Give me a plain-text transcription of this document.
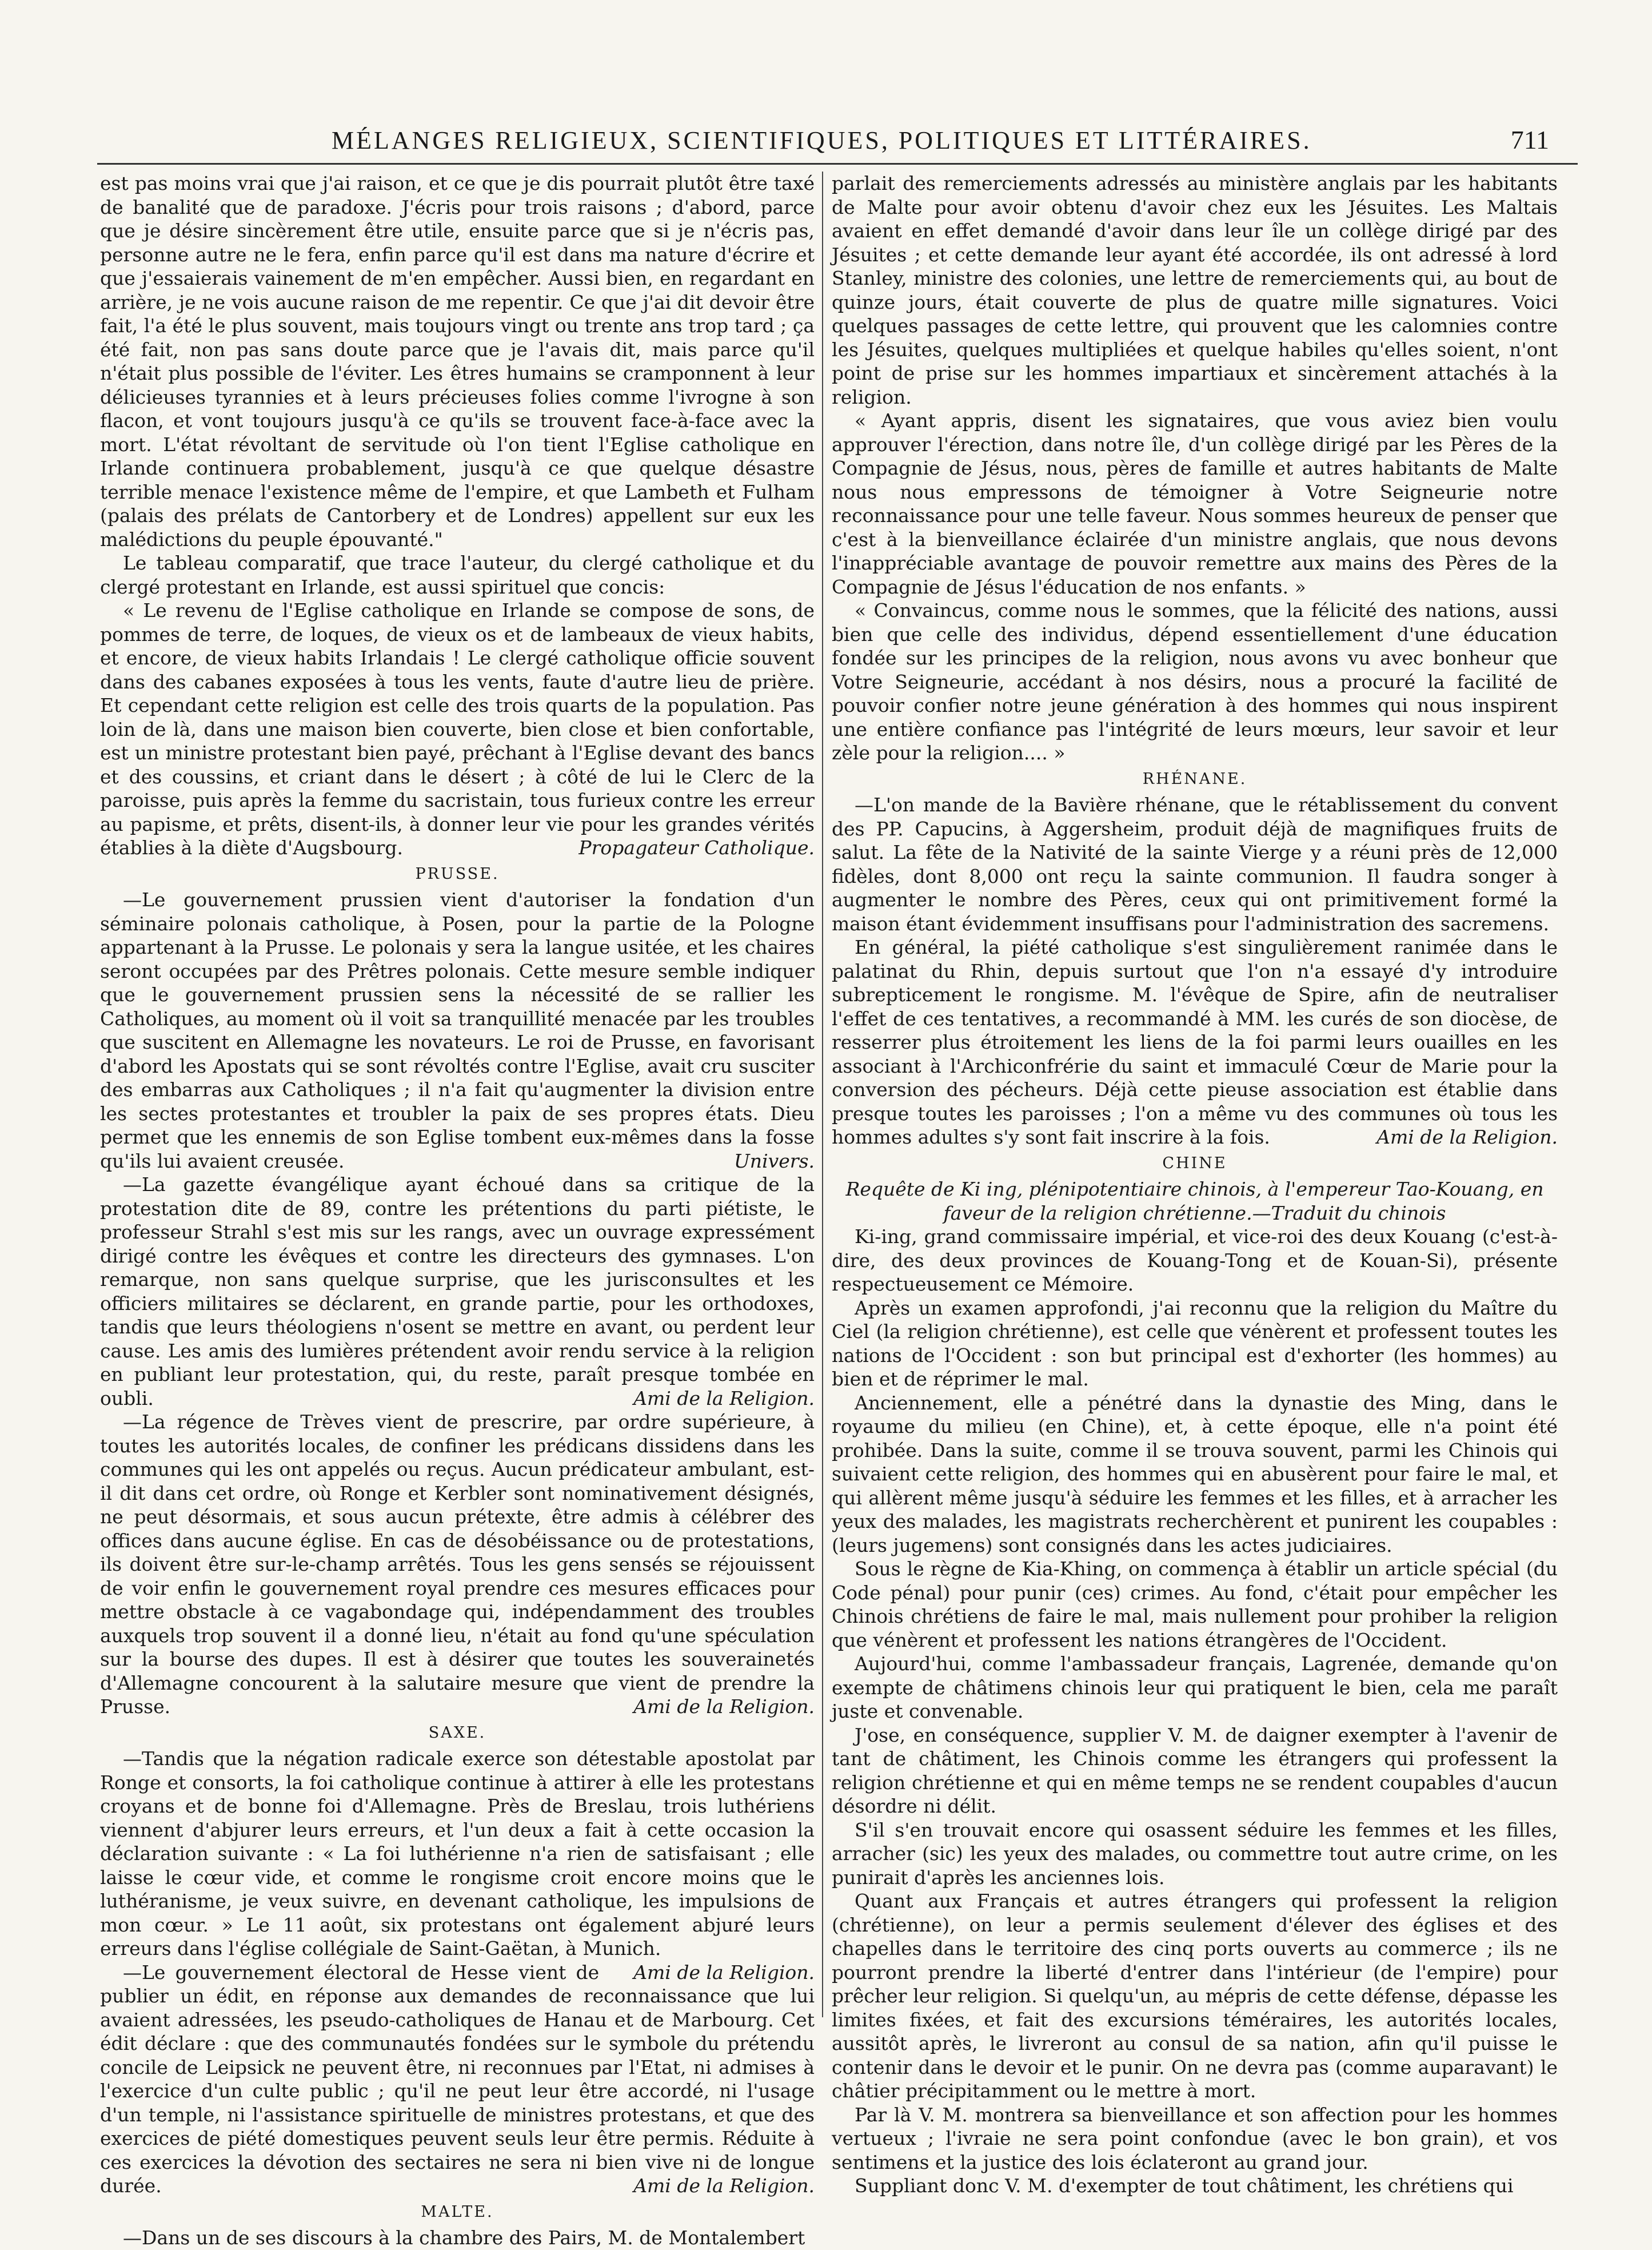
MÉLANGES RELIGIEUX, SCIENTIFIQUES, POLITIQUES ET LITTÉRAIRES.	711

est pas moins vrai que j'ai raison, et ce que je dis pourrait plutôt être taxé de banalité que de paradoxe. J'écris pour trois raisons ; d'abord, parce que je désire sincèrement être utile, ensuite parce que si je n'écris pas, personne autre ne le fera, enfin parce qu'il est dans ma nature d'écrire et que j'essaierais vainement de m'en empêcher. Aussi bien, en regardant en arrière, je ne vois aucune raison de me repentir. Ce que j'ai dit devoir être fait, l'a été le plus souvent, mais toujours vingt ou trente ans trop tard ; ça été fait, non pas sans doute parce que je l'avais dit, mais parce qu'il n'était plus possible de l'éviter. Les êtres humains se cramponnent à leur délicieuses tyrannies et à leurs précieuses folies comme l'ivrogne à son flacon, et vont toujours jusqu'à ce qu'ils se trouvent face-à-face avec la mort. L'état révoltant de servitude où l'on tient l'Eglise catholique en Irlande continuera probablement, jusqu'à ce que quelque désastre terrible menace l'existence même de l'empire, et que Lambeth et Fulham (palais des prélats de Cantorbery et de Londres) appellent sur eux les malédictions du peuple épouvanté."

Le tableau comparatif, que trace l'auteur, du clergé catholique et du clergé protestant en Irlande, est aussi spirituel que concis:

« Le revenu de l'Eglise catholique en Irlande se compose de sons, de pommes de terre, de loques, de vieux os et de lambeaux de vieux habits, et encore, de vieux habits Irlandais ! Le clergé catholique officie souvent dans des cabanes exposées à tous les vents, faute d'autre lieu de prière. Et cependant cette religion est celle des trois quarts de la population. Pas loin de là, dans une maison bien couverte, bien close et bien confortable, est un ministre protestant bien payé, prêchant à l'Eglise devant des bancs et des coussins, et criant dans le désert ; à côté de lui le Clerc de la paroisse, puis après la femme du sacristain, tous furieux contre les erreur au papisme, et prêts, disent-ils, à donner leur vie pour les grandes vérités établies à la diète d'Augsbourg.	Propagateur Catholique.

PRUSSE.

—Le gouvernement prussien vient d'autoriser la fondation d'un séminaire polonais catholique, à Posen, pour la partie de la Pologne appartenant à la Prusse. Le polonais y sera la langue usitée, et les chaires seront occupées par des Prêtres polonais. Cette mesure semble indiquer que le gouvernement prussien sens la nécessité de se rallier les Catholiques, au moment où il voit sa tranquillité menacée par les troubles que suscitent en Allemagne les novateurs. Le roi de Prusse, en favorisant d'abord les Apostats qui se sont révoltés contre l'Eglise, avait cru susciter des embarras aux Catholiques ; il n'a fait qu'augmenter la division entre les sectes protestantes et troubler la paix de ses propres états. Dieu permet que les ennemis de son Eglise tombent eux-mêmes dans la fosse qu'ils lui avaient creusée.	Univers.

—La gazette évangélique ayant échoué dans sa critique de la protestation dite de 89, contre les prétentions du parti piétiste, le professeur Strahl s'est mis sur les rangs, avec un ouvrage expressément dirigé contre les évêques et contre les directeurs des gymnases. L'on remarque, non sans quelque surprise, que les jurisconsultes et les officiers militaires se déclarent, en grande partie, pour les orthodoxes, tandis que leurs théologiens n'osent se mettre en avant, ou perdent leur cause. Les amis des lumières prétendent avoir rendu service à la religion en publiant leur protestation, qui, du reste, paraît presque tombée en oubli.	Ami de la Religion.

—La régence de Trèves vient de prescrire, par ordre supérieure, à toutes les autorités locales, de confiner les prédicans dissidens dans les communes qui les ont appelés ou reçus. Aucun prédicateur ambulant, est-il dit dans cet ordre, où Ronge et Kerbler sont nominativement désignés, ne peut désormais, et sous aucun prétexte, être admis à célébrer des offices dans aucune église. En cas de désobéissance ou de protestations, ils doivent être sur-le-champ arrêtés. Tous les gens sensés se réjouissent de voir enfin le gouvernement royal prendre ces mesures efficaces pour mettre obstacle à ce vagabondage qui, indépendamment des troubles auxquels trop souvent il a donné lieu, n'était au fond qu'une spéculation sur la bourse des dupes. Il est à désirer que toutes les souverainetés d'Allemagne concourent à la salutaire mesure que vient de prendre la Prusse.	Ami de la Religion.

SAXE.

—Tandis que la négation radicale exerce son détestable apostolat par Ronge et consorts, la foi catholique continue à attirer à elle les protestans croyans et de bonne foi d'Allemagne. Près de Breslau, trois luthériens viennent d'abjurer leurs erreurs, et l'un deux a fait à cette occasion la déclaration suivante : « La foi luthérienne n'a rien de satisfaisant ; elle laisse le cœur vide, et comme le rongisme croit encore moins que le luthéranisme, je veux suivre, en devenant catholique, les impulsions de mon cœur. » Le 11 août, six protestans ont également abjuré leurs erreurs dans l'église collégiale de Saint-Gaëtan, à Munich.
Ami de la Religion.

—Le gouvernement électoral de Hesse vient de publier un édit, en réponse aux demandes de reconnaissance que lui avaient adressées, les pseudo-catholiques de Hanau et de Marbourg. Cet édit déclare : que des communautés fondées sur le symbole du prétendu concile de Leipsick ne peuvent être, ni reconnues par l'Etat, ni admises à l'exercice d'un culte public ; qu'il ne peut leur être accordé, ni l'usage d'un temple, ni l'assistance spirituelle de ministres protestans, et que des exercices de piété domestiques peuvent seuls leur être permis. Réduite à ces exercices la dévotion des sectaires ne sera ni bien vive ni de longue durée.	Ami de la Religion.

MALTE.

—Dans un de ses discours à la chambre des Pairs, M. de Montalembert

parlait des remerciements adressés au ministère anglais par les habitants de Malte pour avoir obtenu d'avoir chez eux les Jésuites. Les Maltais avaient en effet demandé d'avoir dans leur île un collège dirigé par des Jésuites ; et cette demande leur ayant été accordée, ils ont adressé à lord Stanley, ministre des colonies, une lettre de remerciements qui, au bout de quinze jours, était couverte de plus de quatre mille signatures. Voici quelques passages de cette lettre, qui prouvent que les calomnies contre les Jésuites, quelques multipliées et quelque habiles qu'elles soient, n'ont point de prise sur les hommes impartiaux et sincèrement attachés à la religion.

« Ayant appris, disent les signataires, que vous aviez bien voulu approuver l'érection, dans notre île, d'un collège dirigé par les Pères de la Compagnie de Jésus, nous, pères de famille et autres habitants de Malte nous nous empressons de témoigner à Votre Seigneurie notre reconnaissance pour une telle faveur. Nous sommes heureux de penser que c'est à la bienveillance éclairée d'un ministre anglais, que nous devons l'inappréciable avantage de pouvoir remettre aux mains des Pères de la Compagnie de Jésus l'éducation de nos enfants. »

« Convaincus, comme nous le sommes, que la félicité des nations, aussi bien que celle des individus, dépend essentiellement d'une éducation fondée sur les principes de la religion, nous avons vu avec bonheur que Votre Seigneurie, accédant à nos désirs, nous a procuré la facilité de pouvoir confier notre jeune génération à des hommes qui nous inspirent une entière confiance pas l'intégrité de leurs mœurs, leur savoir et leur zèle pour la religion.... »

RHÉNANE.

—L'on mande de la Bavière rhénane, que le rétablissement du convent des PP. Capucins, à Aggersheim, produit déjà de magnifiques fruits de salut. La fête de la Nativité de la sainte Vierge y a réuni près de 12,000 fidèles, dont 8,000 ont reçu la sainte communion. Il faudra songer à augmenter le nombre des Pères, ceux qui ont primitivement formé la maison étant évidemment insuffisans pour l'administration des sacremens.

En général, la piété catholique s'est singulièrement ranimée dans le palatinat du Rhin, depuis surtout que l'on n'a essayé d'y introduire subrepticement le rongisme. M. l'évêque de Spire, afin de neutraliser l'effet de ces tentatives, a recommandé à MM. les curés de son diocèse, de resserrer plus étroitement les liens de la foi parmi leurs ouailles en les associant à l'Archiconfrérie du saint et immaculé Cœur de Marie pour la conversion des pécheurs. Déjà cette pieuse association est établie dans presque toutes les paroisses ; l'on a même vu des communes où tous les hommes adultes s'y sont fait inscrire à la fois.	Ami de la Religion.

CHINE

Requête de Ki ing, plénipotentiaire chinois, à l'empereur Tao-Kouang, en faveur de la religion chrétienne.—Traduit du chinois

Ki-ing, grand commissaire impérial, et vice-roi des deux Kouang (c'est-à-dire, des deux provinces de Kouang-Tong et de Kouan-Si), présente respectueusement ce Mémoire.

Après un examen approfondi, j'ai reconnu que la religion du Maître du Ciel (la religion chrétienne), est celle que vénèrent et professent toutes les nations de l'Occident : son but principal est d'exhorter (les hommes) au bien et de réprimer le mal.

Anciennement, elle a pénétré dans la dynastie des Ming, dans le royaume du milieu (en Chine), et, à cette époque, elle n'a point été prohibée. Dans la suite, comme il se trouva souvent, parmi les Chinois qui suivaient cette religion, des hommes qui en abusèrent pour faire le mal, et qui allèrent même jusqu'à séduire les femmes et les filles, et à arracher les yeux des malades, les magistrats recherchèrent et punirent les coupables : (leurs jugemens) sont consignés dans les actes judiciaires.

Sous le règne de Kia-Khing, on commença à établir un article spécial (du Code pénal) pour punir (ces) crimes. Au fond, c'était pour empêcher les Chinois chrétiens de faire le mal, mais nullement pour prohiber la religion que vénèrent et professent les nations étrangères de l'Occident.

Aujourd'hui, comme l'ambassadeur français, Lagrenée, demande qu'on exempte de châtimens chinois leur qui pratiquent le bien, cela me paraît juste et convenable.

J'ose, en conséquence, supplier V. M. de daigner exempter à l'avenir de tant de châtiment, les Chinois comme les étrangers qui professent la religion chrétienne et qui en même temps ne se rendent coupables d'aucun désordre ni délit.

S'il s'en trouvait encore qui osassent séduire les femmes et les filles, arracher (sic) les yeux des malades, ou commettre tout autre crime, on les punirait d'après les anciennes lois.

Quant aux Français et autres étrangers qui professent la religion (chrétienne), on leur a permis seulement d'élever des églises et des chapelles dans le territoire des cinq ports ouverts au commerce ; ils ne pourront prendre la liberté d'entrer dans l'intérieur (de l'empire) pour prêcher leur religion. Si quelqu'un, au mépris de cette défense, dépasse les limites fixées, et fait des excursions téméraires, les autorités locales, aussitôt après, le livreront au consul de sa nation, afin qu'il puisse le contenir dans le devoir et le punir. On ne devra pas (comme auparavant) le châtier précipitamment ou le mettre à mort.

Par là V. M. montrera sa bienveillance et son affection pour les hommes vertueux ; l'ivraie ne sera point confondue (avec le bon grain), et vos sentimens et la justice des lois éclateront au grand jour.

Suppliant donc V. M. d'exempter de tout châtiment, les chrétiens qui
